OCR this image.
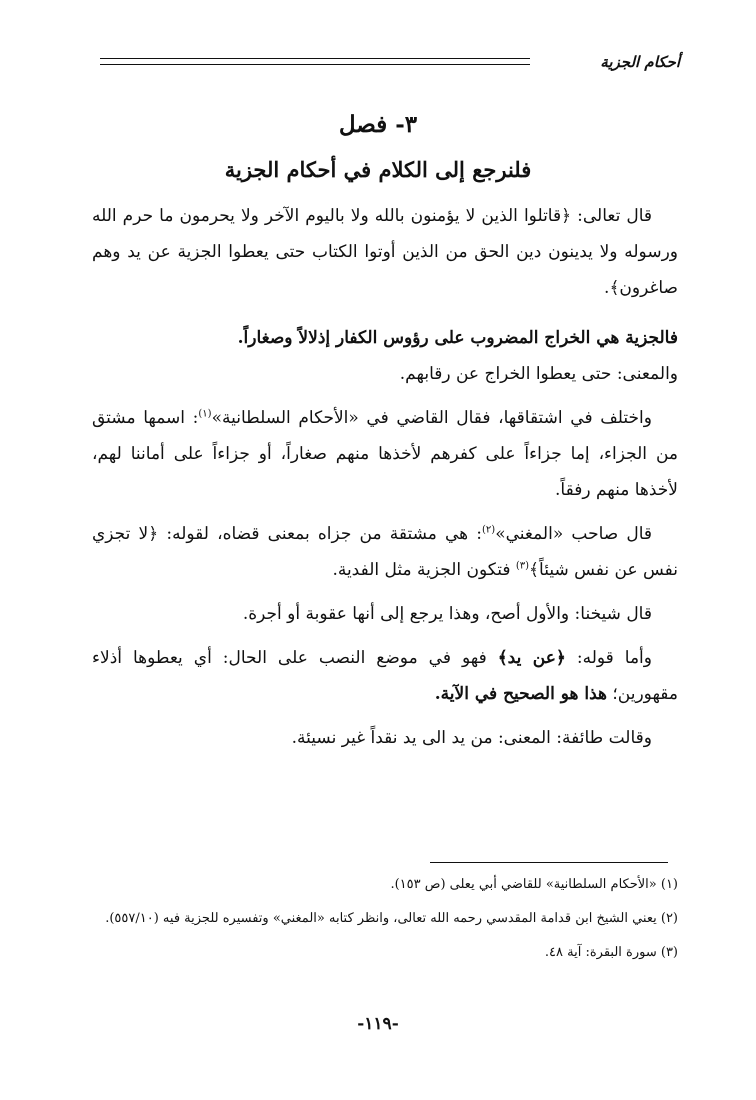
أحكام الجزية
٣- فصل
فلنرجع إلى الكلام في أحكام الجزية

قال تعالى: ﴿قاتلوا الذين لا يؤمنون بالله ولا باليوم الآخر ولا يحرمون ما حرم الله ورسوله ولا يدينون دين الحق من الذين أوتوا الكتاب حتى يعطوا الجزية عن يد وهم صاغرون﴾.

فالجزية هي الخراج المضروب على رؤوس الكفار إذلالاً وصغاراً.

والمعنى: حتى يعطوا الخراج عن رقابهم.

واختلف في اشتقاقها، فقال القاضي في «الأحكام السلطانية»$^{(١)}$: اسمها مشتق من الجزاء، إما جزاءاً على كفرهم لأخذها منهم صغاراً، أو جزاءاً على أماننا لهم، لأخذها منهم رفقاً.

قال صاحب «المغني»$^{(٢)}$: هي مشتقة من جزاه بمعنى قضاه، لقوله: ﴿لا تجزي نفس عن نفس شيئاً﴾$^{(٣)}$ فتكون الجزية مثل الفدية.

قال شيخنا: والأول أصح، وهذا يرجع إلى أنها عقوبة أو أجرة.

وأما قوله: ﴿عن يد﴾ فهو في موضع النصب على الحال: أي يعطوها أذلاء مقهورين؛ هذا هو الصحيح في الآية.

وقالت طائفة: المعنى: من يد الى يد نقداً غير نسيئة.

(١) «الأحكام السلطانية» للقاضي أبي يعلى (ص ١٥٣).

(٢) يعني الشيخ ابن قدامة المقدسي رحمه الله تعالى، وانظر كتابه «المغني» وتفسيره للجزية فيه (٥٥٧/١٠).

(٣) سورة البقرة: آية ٤٨.

-١١٩-
